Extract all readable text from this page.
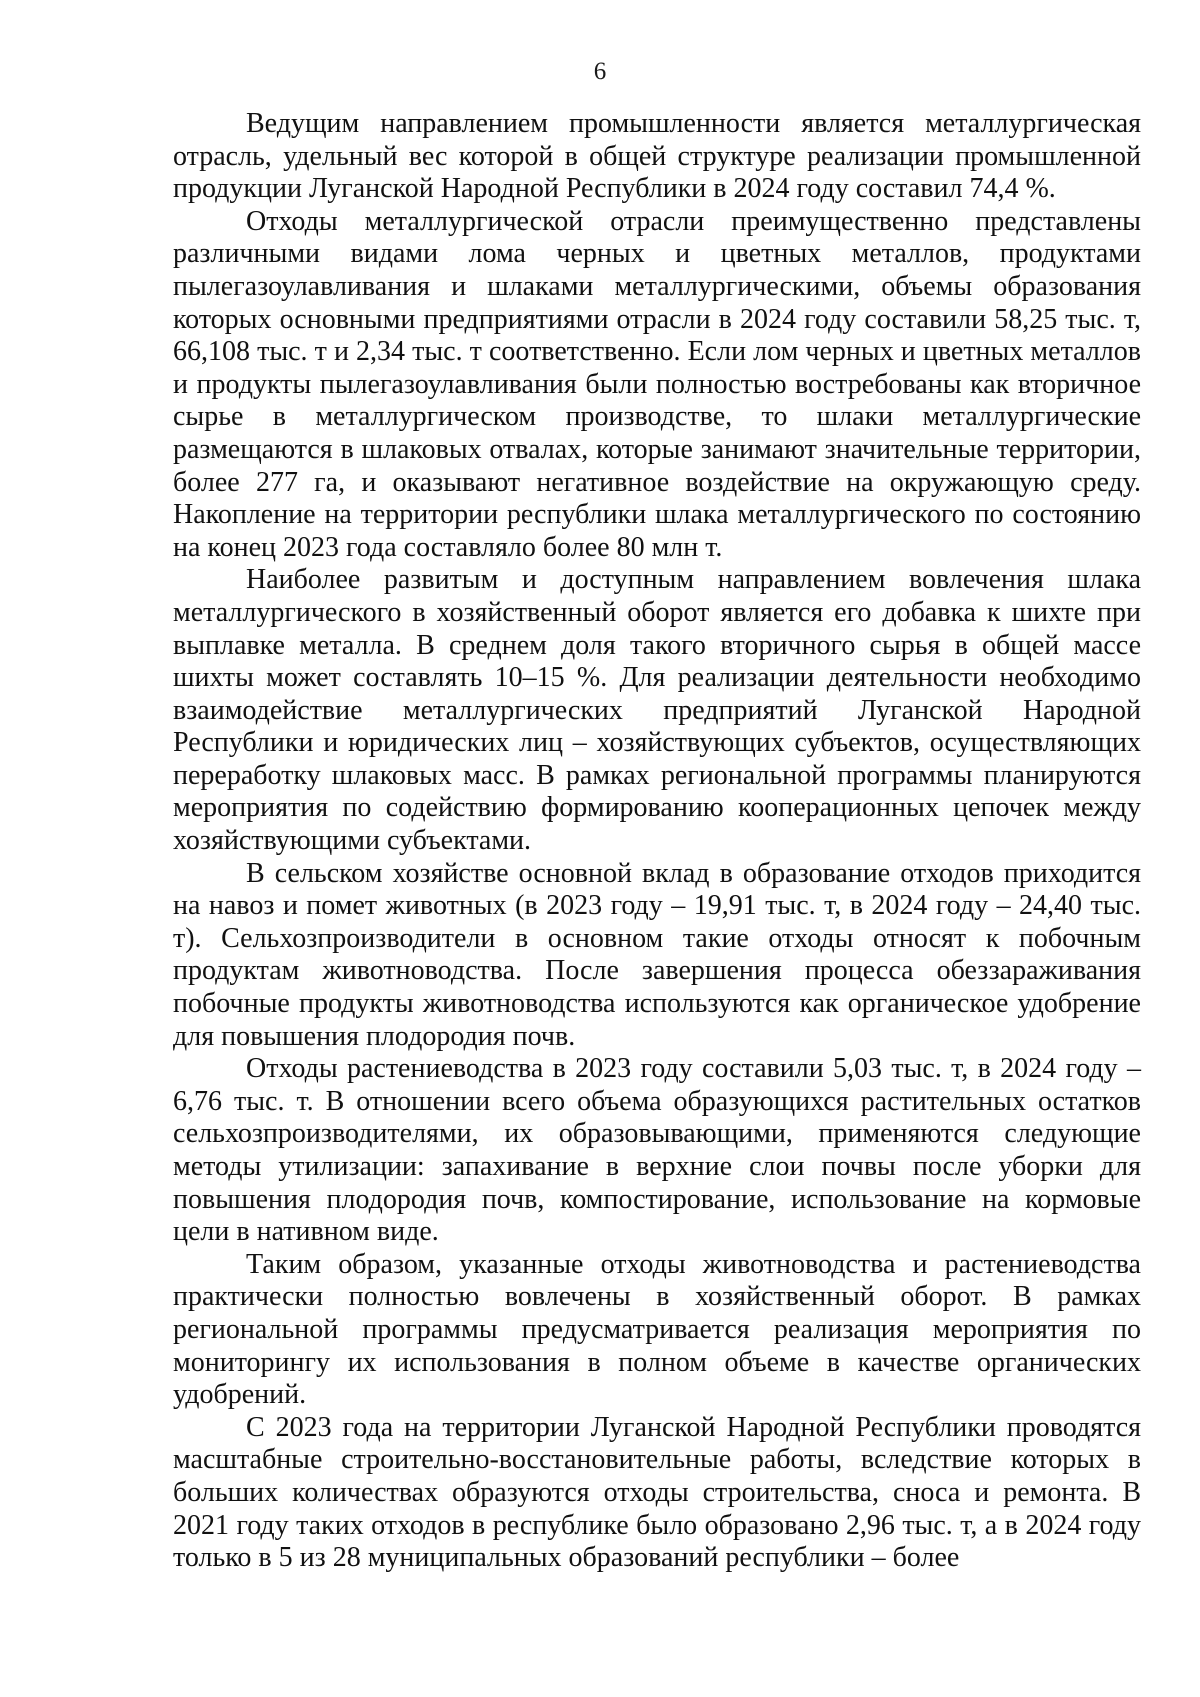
6

Ведущим направлением промышленности является металлургическая отрасль, удельный вес которой в общей структуре реализации промышленной продукции Луганской Народной Республики в 2024 году составил 74,4 %.

Отходы металлургической отрасли преимущественно представлены различными видами лома черных и цветных металлов, продуктами пылегазоулавливания и шлаками металлургическими, объемы образования которых основными предприятиями отрасли в 2024 году составили 58,25 тыс. т, 66,108 тыс. т и 2,34 тыс. т соответственно. Если лом черных и цветных металлов и продукты пылегазоулавливания были полностью востребованы как вторичное сырье в металлургическом производстве, то шлаки металлургические размещаются в шлаковых отвалах, которые занимают значительные территории, более 277 га, и оказывают негативное воздействие на окружающую среду. Накопление на территории республики шлака металлургического по состоянию на конец 2023 года составляло более 80 млн т.

Наиболее развитым и доступным направлением вовлечения шлака металлургического в хозяйственный оборот является его добавка к шихте при выплавке металла. В среднем доля такого вторичного сырья в общей массе шихты может составлять 10–15 %. Для реализации деятельности необходимо взаимодействие металлургических предприятий Луганской Народной Республики и юридических лиц – хозяйствующих субъектов, осуществляющих переработку шлаковых масс. В рамках региональной программы планируются мероприятия по содействию формированию кооперационных цепочек между хозяйствующими субъектами.

В сельском хозяйстве основной вклад в образование отходов приходится на навоз и помет животных (в 2023 году – 19,91 тыс. т, в 2024 году – 24,40 тыс. т). Сельхозпроизводители в основном такие отходы относят к побочным продуктам животноводства. После завершения процесса обеззараживания побочные продукты животноводства используются как органическое удобрение для повышения плодородия почв.

Отходы растениеводства в 2023 году составили 5,03 тыс. т, в 2024 году – 6,76 тыс. т. В отношении всего объема образующихся растительных остатков сельхозпроизводителями, их образовывающими, применяются следующие методы утилизации: запахивание в верхние слои почвы после уборки для повышения плодородия почв, компостирование, использование на кормовые цели в нативном виде.

Таким образом, указанные отходы животноводства и растениеводства практически полностью вовлечены в хозяйственный оборот. В рамках региональной программы предусматривается реализация мероприятия по мониторингу их использования в полном объеме в качестве органических удобрений.

С 2023 года на территории Луганской Народной Республики проводятся масштабные строительно-восстановительные работы, вследствие которых в больших количествах образуются отходы строительства, сноса и ремонта. В 2021 году таких отходов в республике было образовано 2,96 тыс. т, а в 2024 году только в 5 из 28 муниципальных образований республики – более
